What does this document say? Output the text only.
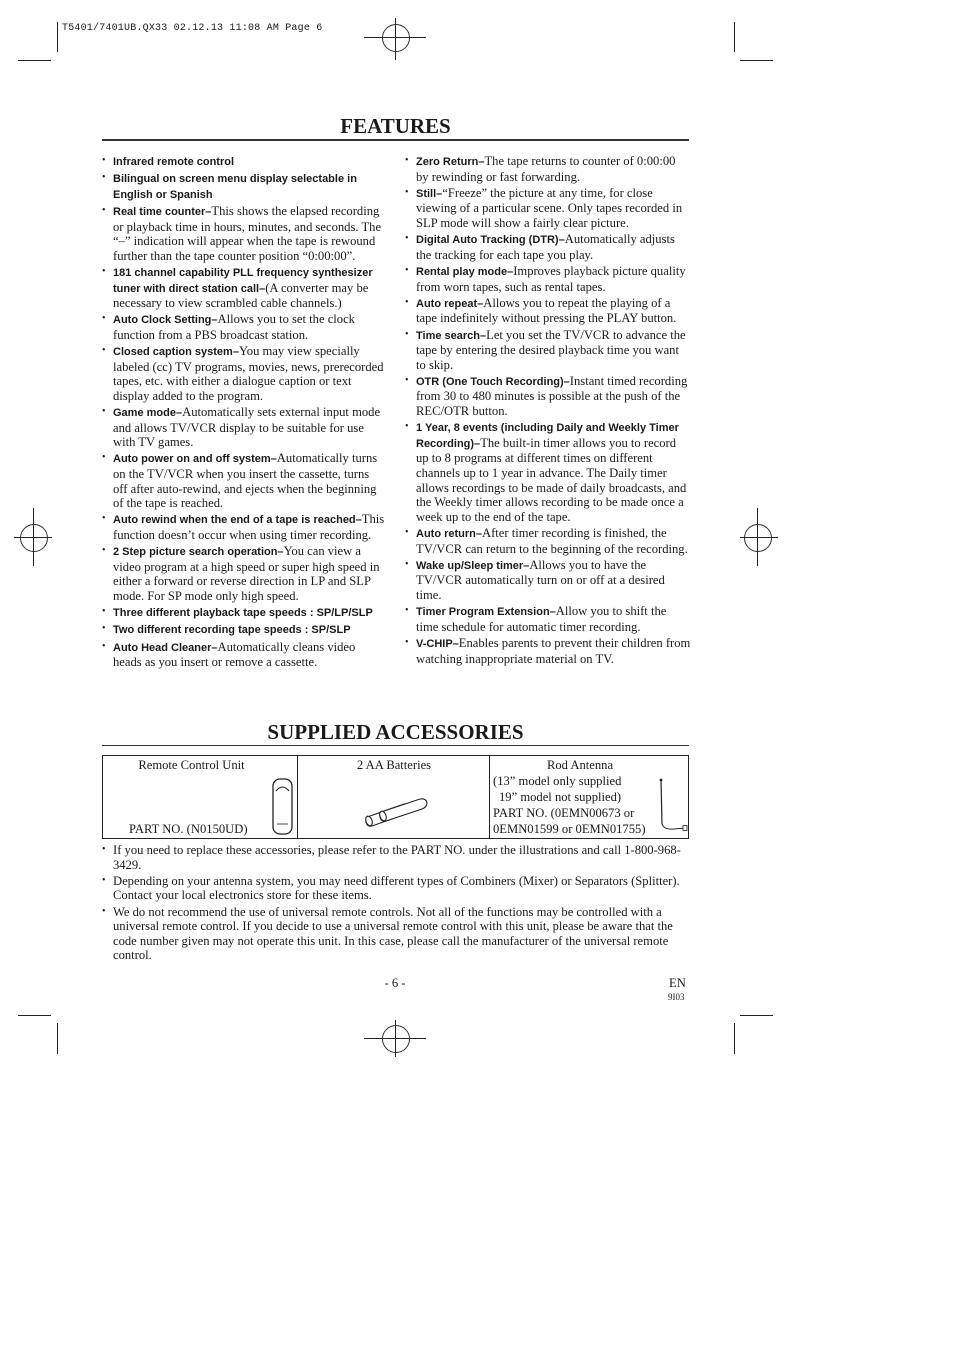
T5401/7401UB.QX33 02.12.13 11:08 AM Page 6
FEATURES
• Infrared remote control
• Bilingual on screen menu display selectable in English or Spanish
• Real time counter–This shows the elapsed recording or playback time in hours, minutes, and seconds. The “–” indication will appear when the tape is rewound further than the tape counter position “0:00:00”.
• 181 channel capability PLL frequency synthesizer tuner with direct station call–(A converter may be necessary to view scrambled cable channels.)
• Auto Clock Setting–Allows you to set the clock function from a PBS broadcast station.
• Closed caption system–You may view specially labeled (cc) TV programs, movies, news, prerecorded tapes, etc. with either a dialogue caption or text display added to the program.
• Game mode–Automatically sets external input mode and allows TV/VCR display to be suitable for use with TV games.
• Auto power on and off system–Automatically turns on the TV/VCR when you insert the cassette, turns off after auto-rewind, and ejects when the beginning of the tape is reached.
• Auto rewind when the end of a tape is reached–This function doesn’t occur when using timer recording.
• 2 Step picture search operation–You can view a video program at a high speed or super high speed in either a forward or reverse direction in LP and SLP mode. For SP mode only high speed.
• Three different playback tape speeds : SP/LP/SLP
• Two different recording tape speeds : SP/SLP
• Auto Head Cleaner–Automatically cleans video heads as you insert or remove a cassette.
• Zero Return–The tape returns to counter of 0:00:00 by rewinding or fast forwarding.
• Still–“Freeze” the picture at any time, for close viewing of a particular scene. Only tapes recorded in SLP mode will show a fairly clear picture.
• Digital Auto Tracking (DTR)–Automatically adjusts the tracking for each tape you play.
• Rental play mode–Improves playback picture quality from worn tapes, such as rental tapes.
• Auto repeat–Allows you to repeat the playing of a tape indefinitely without pressing the PLAY button.
• Time search–Let you set the TV/VCR to advance the tape by entering the desired playback time you want to skip.
• OTR (One Touch Recording)–Instant timed recording from 30 to 480 minutes is possible at the push of the REC/OTR button.
• 1 Year, 8 events (including Daily and Weekly Timer Recording)–The built-in timer allows you to record up to 8 programs at different times on different channels up to 1 year in advance. The Daily timer allows recordings to be made of daily broadcasts, and the Weekly timer allows recording to be made once a week up to the end of the tape.
• Auto return–After timer recording is finished, the TV/VCR can return to the beginning of the recording.
• Wake up/Sleep timer–Allows you to have the TV/VCR automatically turn on or off at a desired time.
• Timer Program Extension–Allow you to shift the time schedule for automatic timer recording.
• V-CHIP–Enables parents to prevent their children from watching inappropriate material on TV.
SUPPLIED ACCESSORIES
Remote Control Unit
PART NO. (N0150UD)
2 AA Batteries	Rod Antenna
(13” model only supplied
19” model not supplied)
PART NO. (0EMN00673 or
0EMN01599 or 0EMN01755)
• If you need to replace these accessories, please refer to the PART NO. under the illustrations and call 1-800-968-3429.
• Depending on your antenna system, you may need different types of Combiners (Mixer) or Separators (Splitter). Contact your local electronics store for these items.
• We do not recommend the use of universal remote controls. Not all of the functions may be controlled with a universal remote control. If you decide to use a universal remote control with this unit, please be aware that the code number given may not operate this unit. In this case, please call the manufacturer of the universal remote control.
- 6 -	EN
9I03
